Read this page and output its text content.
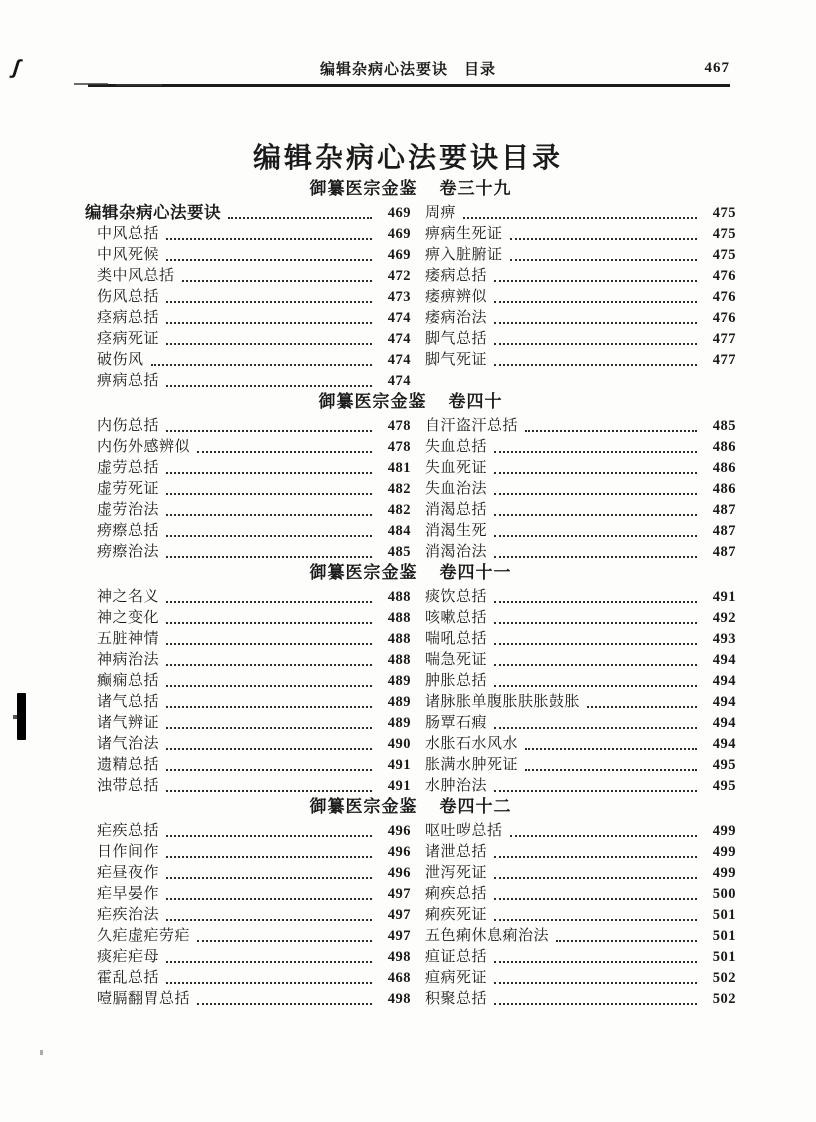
ʃ	编辑杂病心法要诀 目录	467
编辑杂病心法要诀目录
御纂医宗金鉴 卷三十九
编辑杂病心法要诀	469
中风总括	469
中风死候	469
类中风总括	472
伤风总括	473
痉病总括	474
痉病死证	474
破伤风	474
痹病总括	474
周痹	475
痹病生死证	475
痹入脏腑证	475
痿病总括	476
痿痹辨似	476
痿病治法	476
脚气总括	477
脚气死证	477
御纂医宗金鉴 卷四十
内伤总括	478
内伤外感辨似	478
虚劳总括	481
虚劳死证	482
虚劳治法	482
痨瘵总括	484
痨瘵治法	485
自汗盗汗总括	485
失血总括	486
失血死证	486
失血治法	486
消渴总括	487
消渴生死	487
消渴治法	487
御纂医宗金鉴 卷四十一
神之名义	488
神之变化	488
五脏神情	488
神病治法	488
癫痫总括	489
诸气总括	489
诸气辨证	489
诸气治法	490
遗精总括	491
浊带总括	491
痰饮总括	491
咳嗽总括	492
喘吼总括	493
喘急死证	494
肿胀总括	494
诸脉胀单腹胀肤胀鼓胀	494
肠覃石瘕	494
水胀石水风水	494
胀满水肿死证	495
水肿治法	495
御纂医宗金鉴 卷四十二
疟疾总括	496
日作间作	496
疟昼夜作	496
疟早晏作	497
疟疾治法	497
久疟虚疟劳疟	497
痰疟疟母	498
霍乱总括	468
噎膈翻胃总括	498
呕吐哕总括	499
诸泄总括	499
泄泻死证	499
痢疾总括	500
痢疾死证	501
五色痢休息痢治法	501
疸证总括	501
疸病死证	502
积聚总括	502
